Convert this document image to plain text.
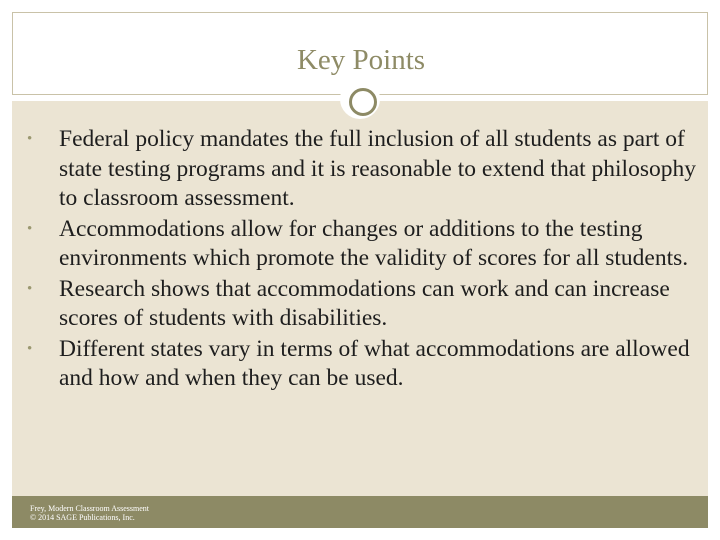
Key Points
• Federal policy mandates the full inclusion of all students as part of state testing programs and it is reasonable to extend that philosophy to classroom assessment.
• Accommodations allow for changes or additions to the testing environments which promote the validity of scores for all students.
• Research shows that accommodations can work and can increase scores of students with disabilities.
• Different states vary in terms of what accommodations are allowed and how and when they can be used.
Frey, Modern Classroom Assessment
© 2014 SAGE Publications, Inc.
